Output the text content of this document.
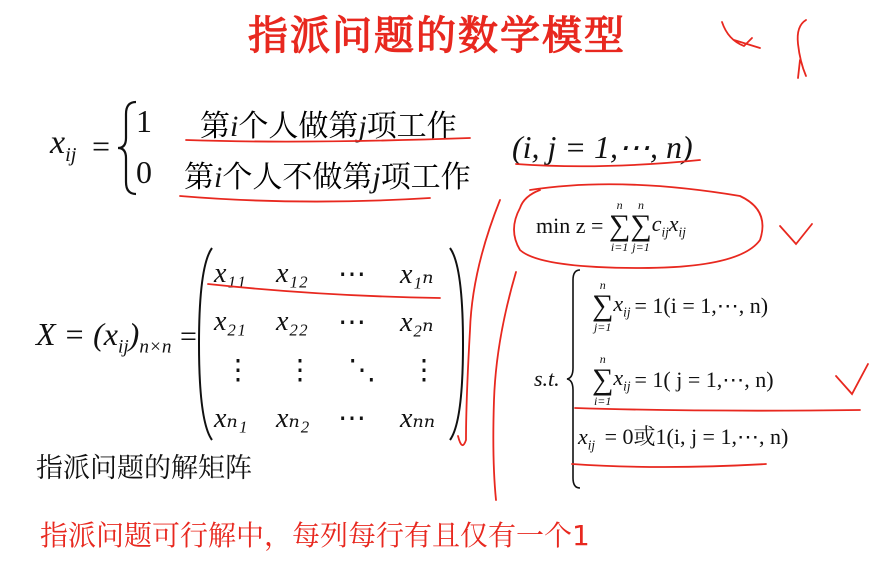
指派问题的数学模型
$x_{ij}$ =
1 第i个人做第j项工作
0 第i个人不做第j项工作
(i, j = 1,⋯, n)
$X = (x_{ij})_{n\times n}$ =
x₁₁	x₁₂	⋯	x₁ₙ
x₂₁	x₂₂	⋯	x₂ₙ
⋮	⋮	⋱	⋮
xₙ₁	xₙ₂	⋯	xₙₙ
指派问题的解矩阵
min z =
n
∑
i=1
n
∑
j=1
$c_{ij}x_{ij}$
s.t.
n
∑
j=1
$x_{ij} = 1(i$ = 1,⋯, n)
n
∑
i=1
$x_{ij} = 1$( j = 1,⋯, n)
$x_{ij} = 0$或1(i, j = 1,⋯, n)
指派问题可行解中，每列每行有且仅有一个1
